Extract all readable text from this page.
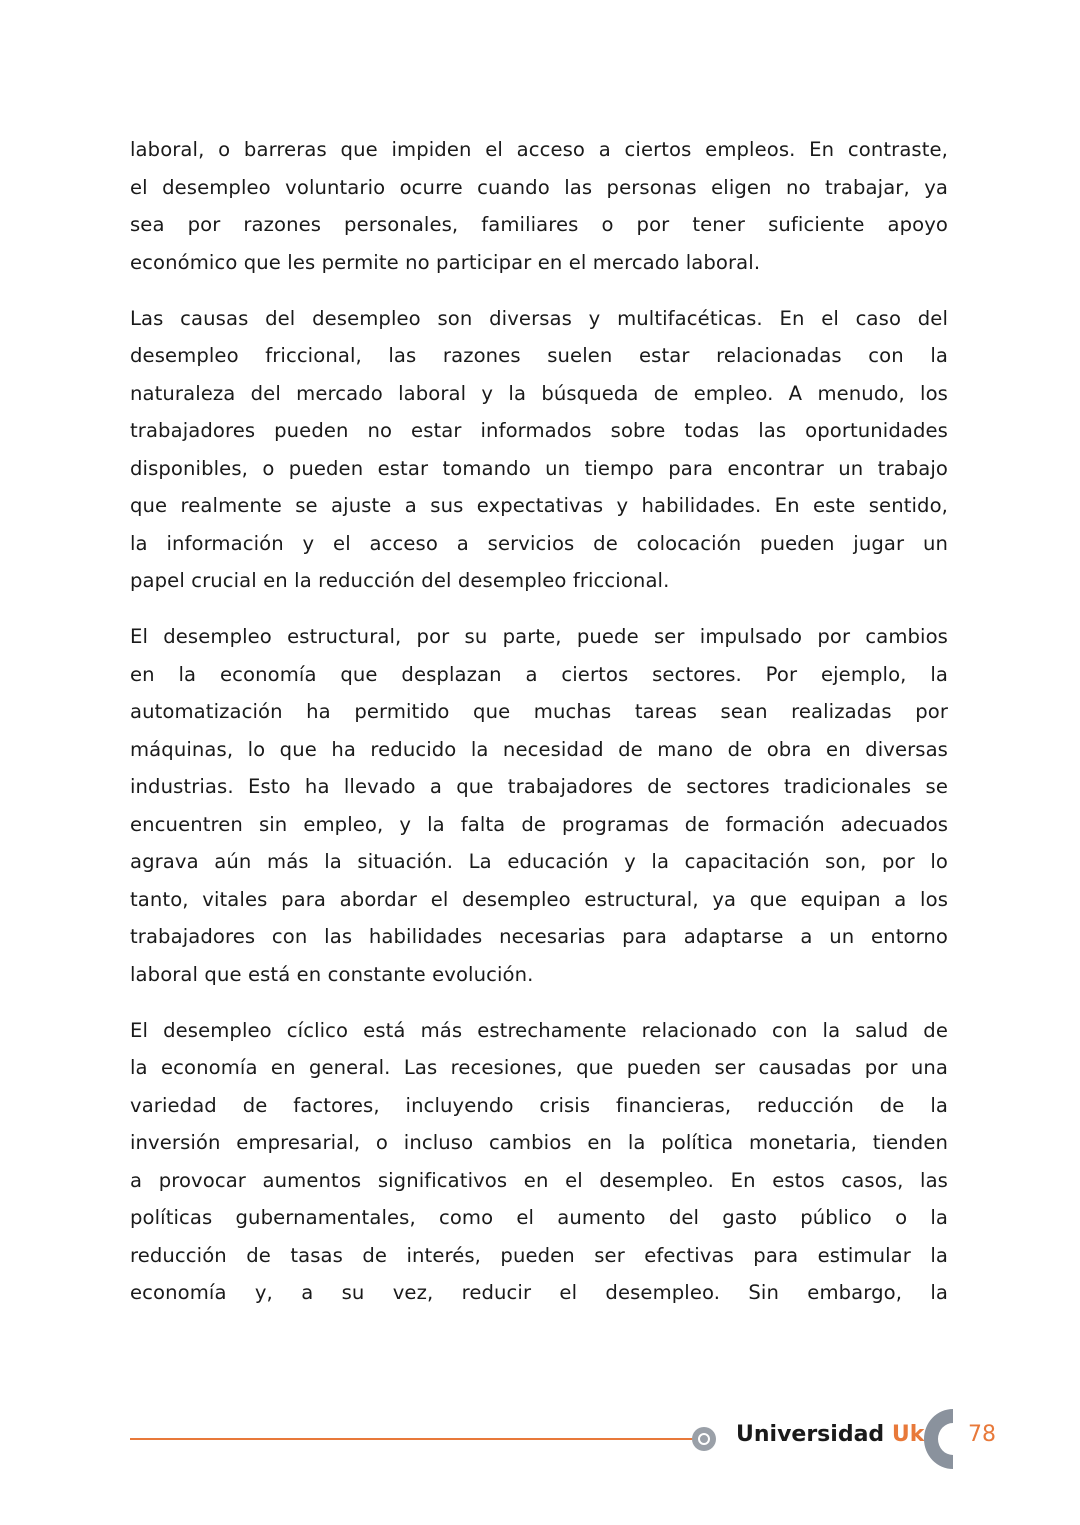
laboral, o barreras que impiden el acceso a ciertos empleos. En contraste,
el desempleo voluntario ocurre cuando las personas eligen no trabajar, ya
sea por razones personales, familiares o por tener suficiente apoyo
económico que les permite no participar en el mercado laboral.
Las causas del desempleo son diversas y multifacéticas. En el caso del
desempleo friccional, las razones suelen estar relacionadas con la
naturaleza del mercado laboral y la búsqueda de empleo. A menudo, los
trabajadores pueden no estar informados sobre todas las oportunidades
disponibles, o pueden estar tomando un tiempo para encontrar un trabajo
que realmente se ajuste a sus expectativas y habilidades. En este sentido,
la información y el acceso a servicios de colocación pueden jugar un
papel crucial en la reducción del desempleo friccional.
El desempleo estructural, por su parte, puede ser impulsado por cambios
en la economía que desplazan a ciertos sectores. Por ejemplo, la
automatización ha permitido que muchas tareas sean realizadas por
máquinas, lo que ha reducido la necesidad de mano de obra en diversas
industrias. Esto ha llevado a que trabajadores de sectores tradicionales se
encuentren sin empleo, y la falta de programas de formación adecuados
agrava aún más la situación. La educación y la capacitación son, por lo
tanto, vitales para abordar el desempleo estructural, ya que equipan a los
trabajadores con las habilidades necesarias para adaptarse a un entorno
laboral que está en constante evolución.
El desempleo cíclico está más estrechamente relacionado con la salud de
la economía en general. Las recesiones, que pueden ser causadas por una
variedad de factores, incluyendo crisis financieras, reducción de la
inversión empresarial, o incluso cambios en la política monetaria, tienden
a provocar aumentos significativos en el desempleo. En estos casos, las
políticas gubernamentales, como el aumento del gasto público o la
reducción de tasas de interés, pueden ser efectivas para estimular la
economía y, a su vez, reducir el desempleo. Sin embargo, la
Universidad Uk 78
